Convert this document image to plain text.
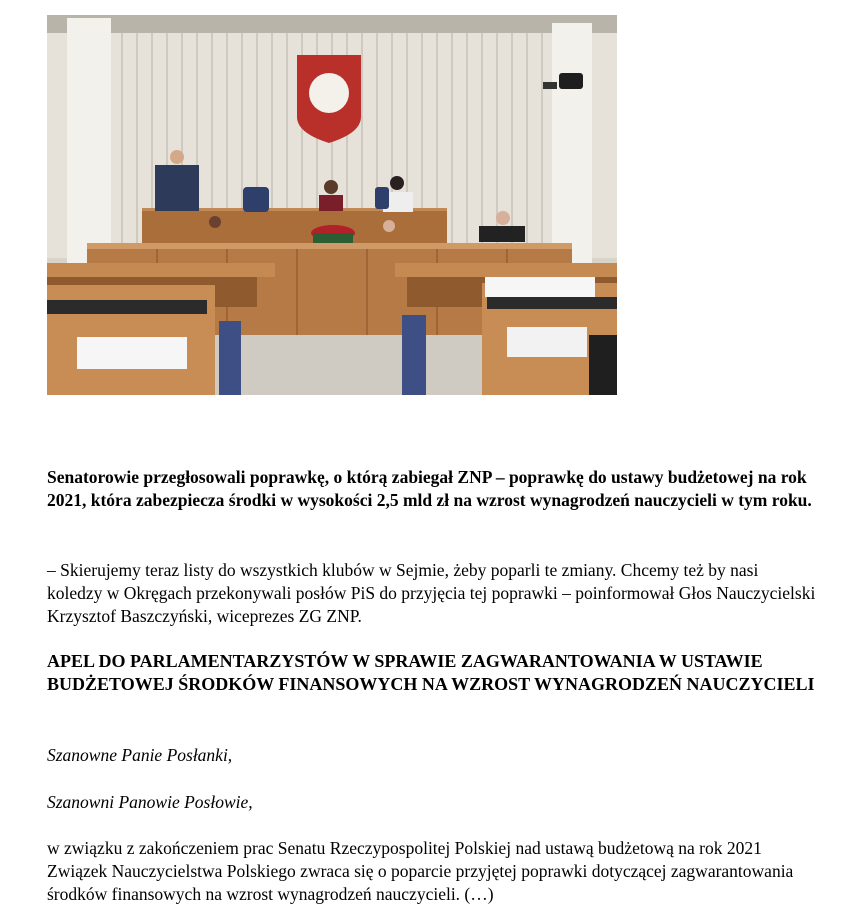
Senatorowie przegłosowali poprawkę, o którą zabiegał ZNP – poprawkę do ustawy budżetowej na rok 2021, która zabezpiecza środki w wysokości 2,5 mld zł na wzrost wynagrodzeń nauczycieli w tym roku.

– Skierujemy teraz listy do wszystkich klubów w Sejmie, żeby poparli te zmiany. Chcemy też by nasi koledzy w Okręgach przekonywali posłów PiS do przyjęcia tej poprawki – poinformował Głos Nauczycielski Krzysztof Baszczyński, wiceprezes ZG ZNP.

APEL DO PARLAMENTARZYSTÓW W SPRAWIE ZAGWARANTOWANIA W USTAWIE BUDŻETOWEJ ŚRODKÓW FINANSOWYCH NA WZROST WYNAGRODZEŃ NAUCZYCIELI

Szanowne Panie Posłanki,

Szanowni Panowie Posłowie,

w związku z zakończeniem prac Senatu Rzeczypospolitej Polskiej nad ustawą budżetową na rok 2021 Związek Nauczycielstwa Polskiego zwraca się o poparcie przyjętej poprawki dotyczącej zagwarantowania środków finansowych na wzrost wynagrodzeń nauczycieli. (…)
